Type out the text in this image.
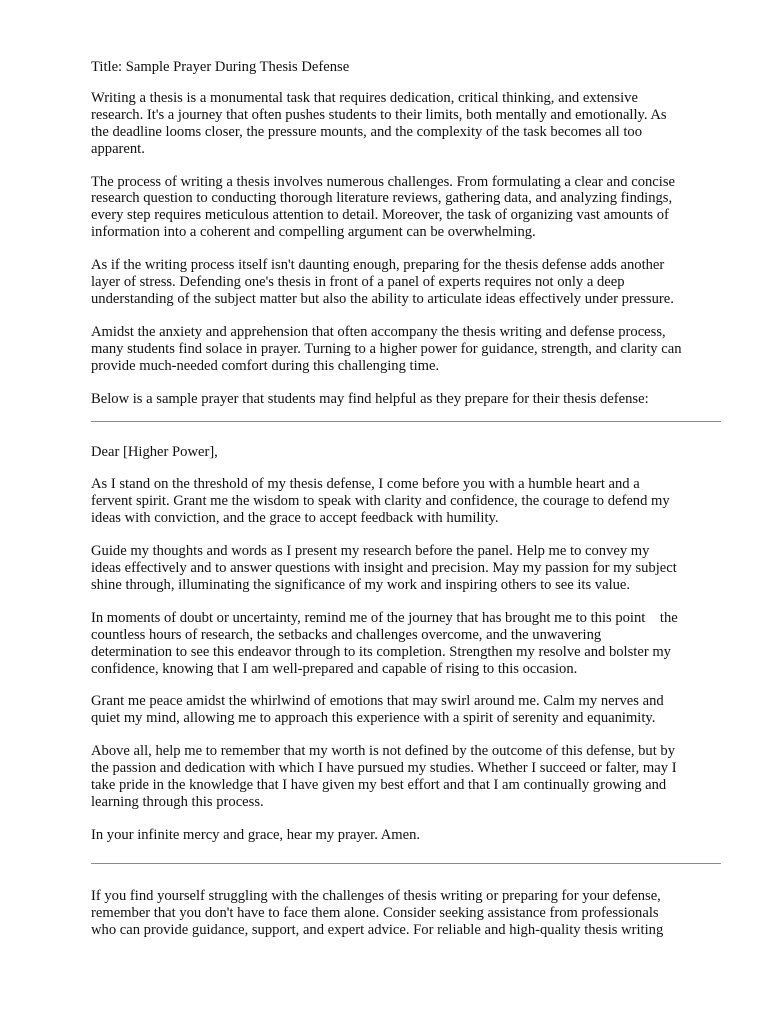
Title: Sample Prayer During Thesis Defense

Writing a thesis is a monumental task that requires dedication, critical thinking, and extensive
research. It's a journey that often pushes students to their limits, both mentally and emotionally. As
the deadline looms closer, the pressure mounts, and the complexity of the task becomes all too
apparent.

The process of writing a thesis involves numerous challenges. From formulating a clear and concise
research question to conducting thorough literature reviews, gathering data, and analyzing findings,
every step requires meticulous attention to detail. Moreover, the task of organizing vast amounts of
information into a coherent and compelling argument can be overwhelming.

As if the writing process itself isn't daunting enough, preparing for the thesis defense adds another
layer of stress. Defending one's thesis in front of a panel of experts requires not only a deep
understanding of the subject matter but also the ability to articulate ideas effectively under pressure.

Amidst the anxiety and apprehension that often accompany the thesis writing and defense process,
many students find solace in prayer. Turning to a higher power for guidance, strength, and clarity can
provide much-needed comfort during this challenging time.

Below is a sample prayer that students may find helpful as they prepare for their thesis defense:

Dear [Higher Power],

As I stand on the threshold of my thesis defense, I come before you with a humble heart and a
fervent spirit. Grant me the wisdom to speak with clarity and confidence, the courage to defend my
ideas with conviction, and the grace to accept feedback with humility.

Guide my thoughts and words as I present my research before the panel. Help me to convey my
ideas effectively and to answer questions with insight and precision. May my passion for my subject
shine through, illuminating the significance of my work and inspiring others to see its value.

In moments of doubt or uncertainty, remind me of the journey that has brought me to this point    the
countless hours of research, the setbacks and challenges overcome, and the unwavering
determination to see this endeavor through to its completion. Strengthen my resolve and bolster my
confidence, knowing that I am well-prepared and capable of rising to this occasion.

Grant me peace amidst the whirlwind of emotions that may swirl around me. Calm my nerves and
quiet my mind, allowing me to approach this experience with a spirit of serenity and equanimity.

Above all, help me to remember that my worth is not defined by the outcome of this defense, but by
the passion and dedication with which I have pursued my studies. Whether I succeed or falter, may I
take pride in the knowledge that I have given my best effort and that I am continually growing and
learning through this process.

In your infinite mercy and grace, hear my prayer. Amen.

If you find yourself struggling with the challenges of thesis writing or preparing for your defense,
remember that you don't have to face them alone. Consider seeking assistance from professionals
who can provide guidance, support, and expert advice. For reliable and high-quality thesis writing
